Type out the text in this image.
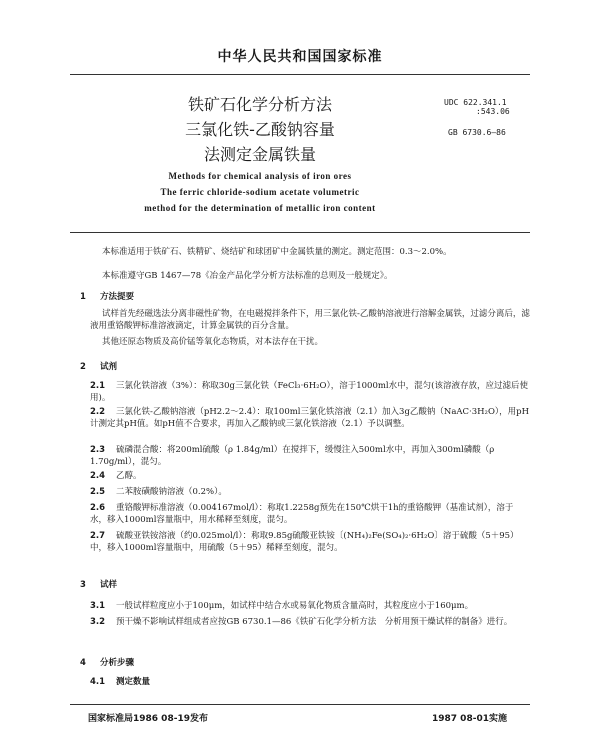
中华人民共和国国家标准
铁矿石化学分析方法
三氯化铁-乙酸钠容量
法测定金属铁量
UDC 622.341.1
:543.06
GB 6730.6—86
Methods for chemical analysis of iron ores
The ferric chloride-sodium acetate volumetric
method for the determination of metallic iron content
本标准适用于铁矿石、铁精矿、烧结矿和球团矿中金属铁量的测定。测定范围：0.3～2.0%。
本标准遵守GB 1467—78《冶金产品化学分析方法标准的总则及一般规定》。
1 方法提要
试样首先经磁选法分离非磁性矿物，在电磁搅拌条件下，用三氯化铁-乙酸钠溶液进行溶解金属铁，过滤分离后，滤液用重铬酸钾标准溶液滴定，计算金属铁的百分含量。
其他还原态物质及高价锰等氧化态物质，对本法存在干扰。
2 试剂
2.1 三氯化铁溶液（3%）：称取30g三氯化铁（FeCl₃·6H₂O），溶于1000ml水中，混匀(该溶液存放，应过滤后使用)。
2.2 三氯化铁-乙酸钠溶液（pH2.2～2.4）：取100ml三氯化铁溶液（2.1）加入3g乙酸钠（NaAC·3H₂O），用pH计测定其pH值。如pH值不合要求，再加入乙酸钠或三氯化铁溶液（2.1）予以调整。
2.3 硫磷混合酸：将200ml硫酸（ρ 1.84g/ml）在搅拌下，缓慢注入500ml水中，再加入300ml磷酸（ρ 1.70g/ml），混匀。
2.4 乙醇。
2.5 二苯胺磺酸钠溶液（0.2%）。
2.6 重铬酸钾标准溶液（0.004167mol/l）：称取1.2258g预先在150℃烘干1h的重铬酸钾（基准试剂），溶于水，移入1000ml容量瓶中，用水稀释至刻度，混匀。
2.7 硫酸亚铁铵溶液（约0.025mol/l）：称取9.85g硫酸亚铁铵〔(NH₄)₂Fe(SO₄)₂·6H₂O〕溶于硫酸（5＋95）中，移入1000ml容量瓶中，用硫酸（5＋95）稀释至刻度，混匀。
3 试样
3.1 一般试样粒度应小于100μm，如试样中结合水或易氧化物质含量高时，其粒度应小于160μm。
3.2 预干燥不影响试样组成者应按GB 6730.1—86《铁矿石化学分析方法　分析用预干燥试样的制备》进行。
4 分析步骤
4.1 测定数量
国家标准局1986 08-19发布	1987 08-01实施
